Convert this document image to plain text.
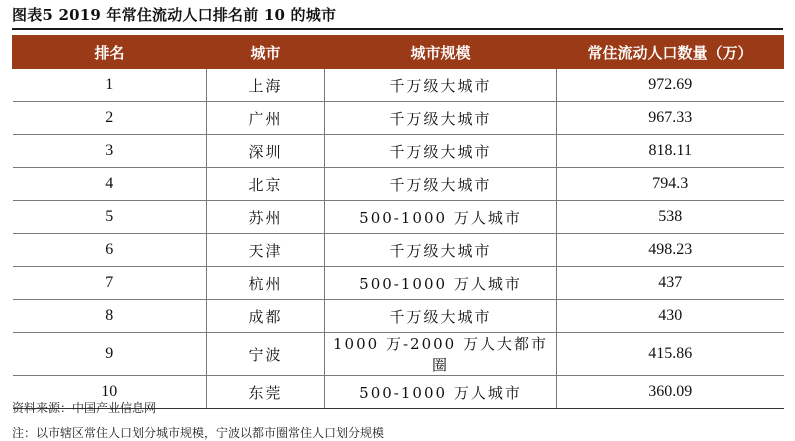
图表5 2019 年常住流动人口排名前 10 的城市
排名	城市	城市规模	常住流动人口数量（万）
1	上海	千万级大城市	972.69
2	广州	千万级大城市	967.33
3	深圳	千万级大城市	818.11
4	北京	千万级大城市	794.3
5	苏州	500-1000 万人城市	538
6	天津	千万级大城市	498.23
7	杭州	500-1000 万人城市	437
8	成都	千万级大城市	430
9	宁波	1000 万-2000 万人大都市圈	415.86
10	东莞	500-1000 万人城市	360.09
资料来源：中国产业信息网
注：以市辖区常住人口划分城市规模，宁波以都市圈常住人口划分规模
